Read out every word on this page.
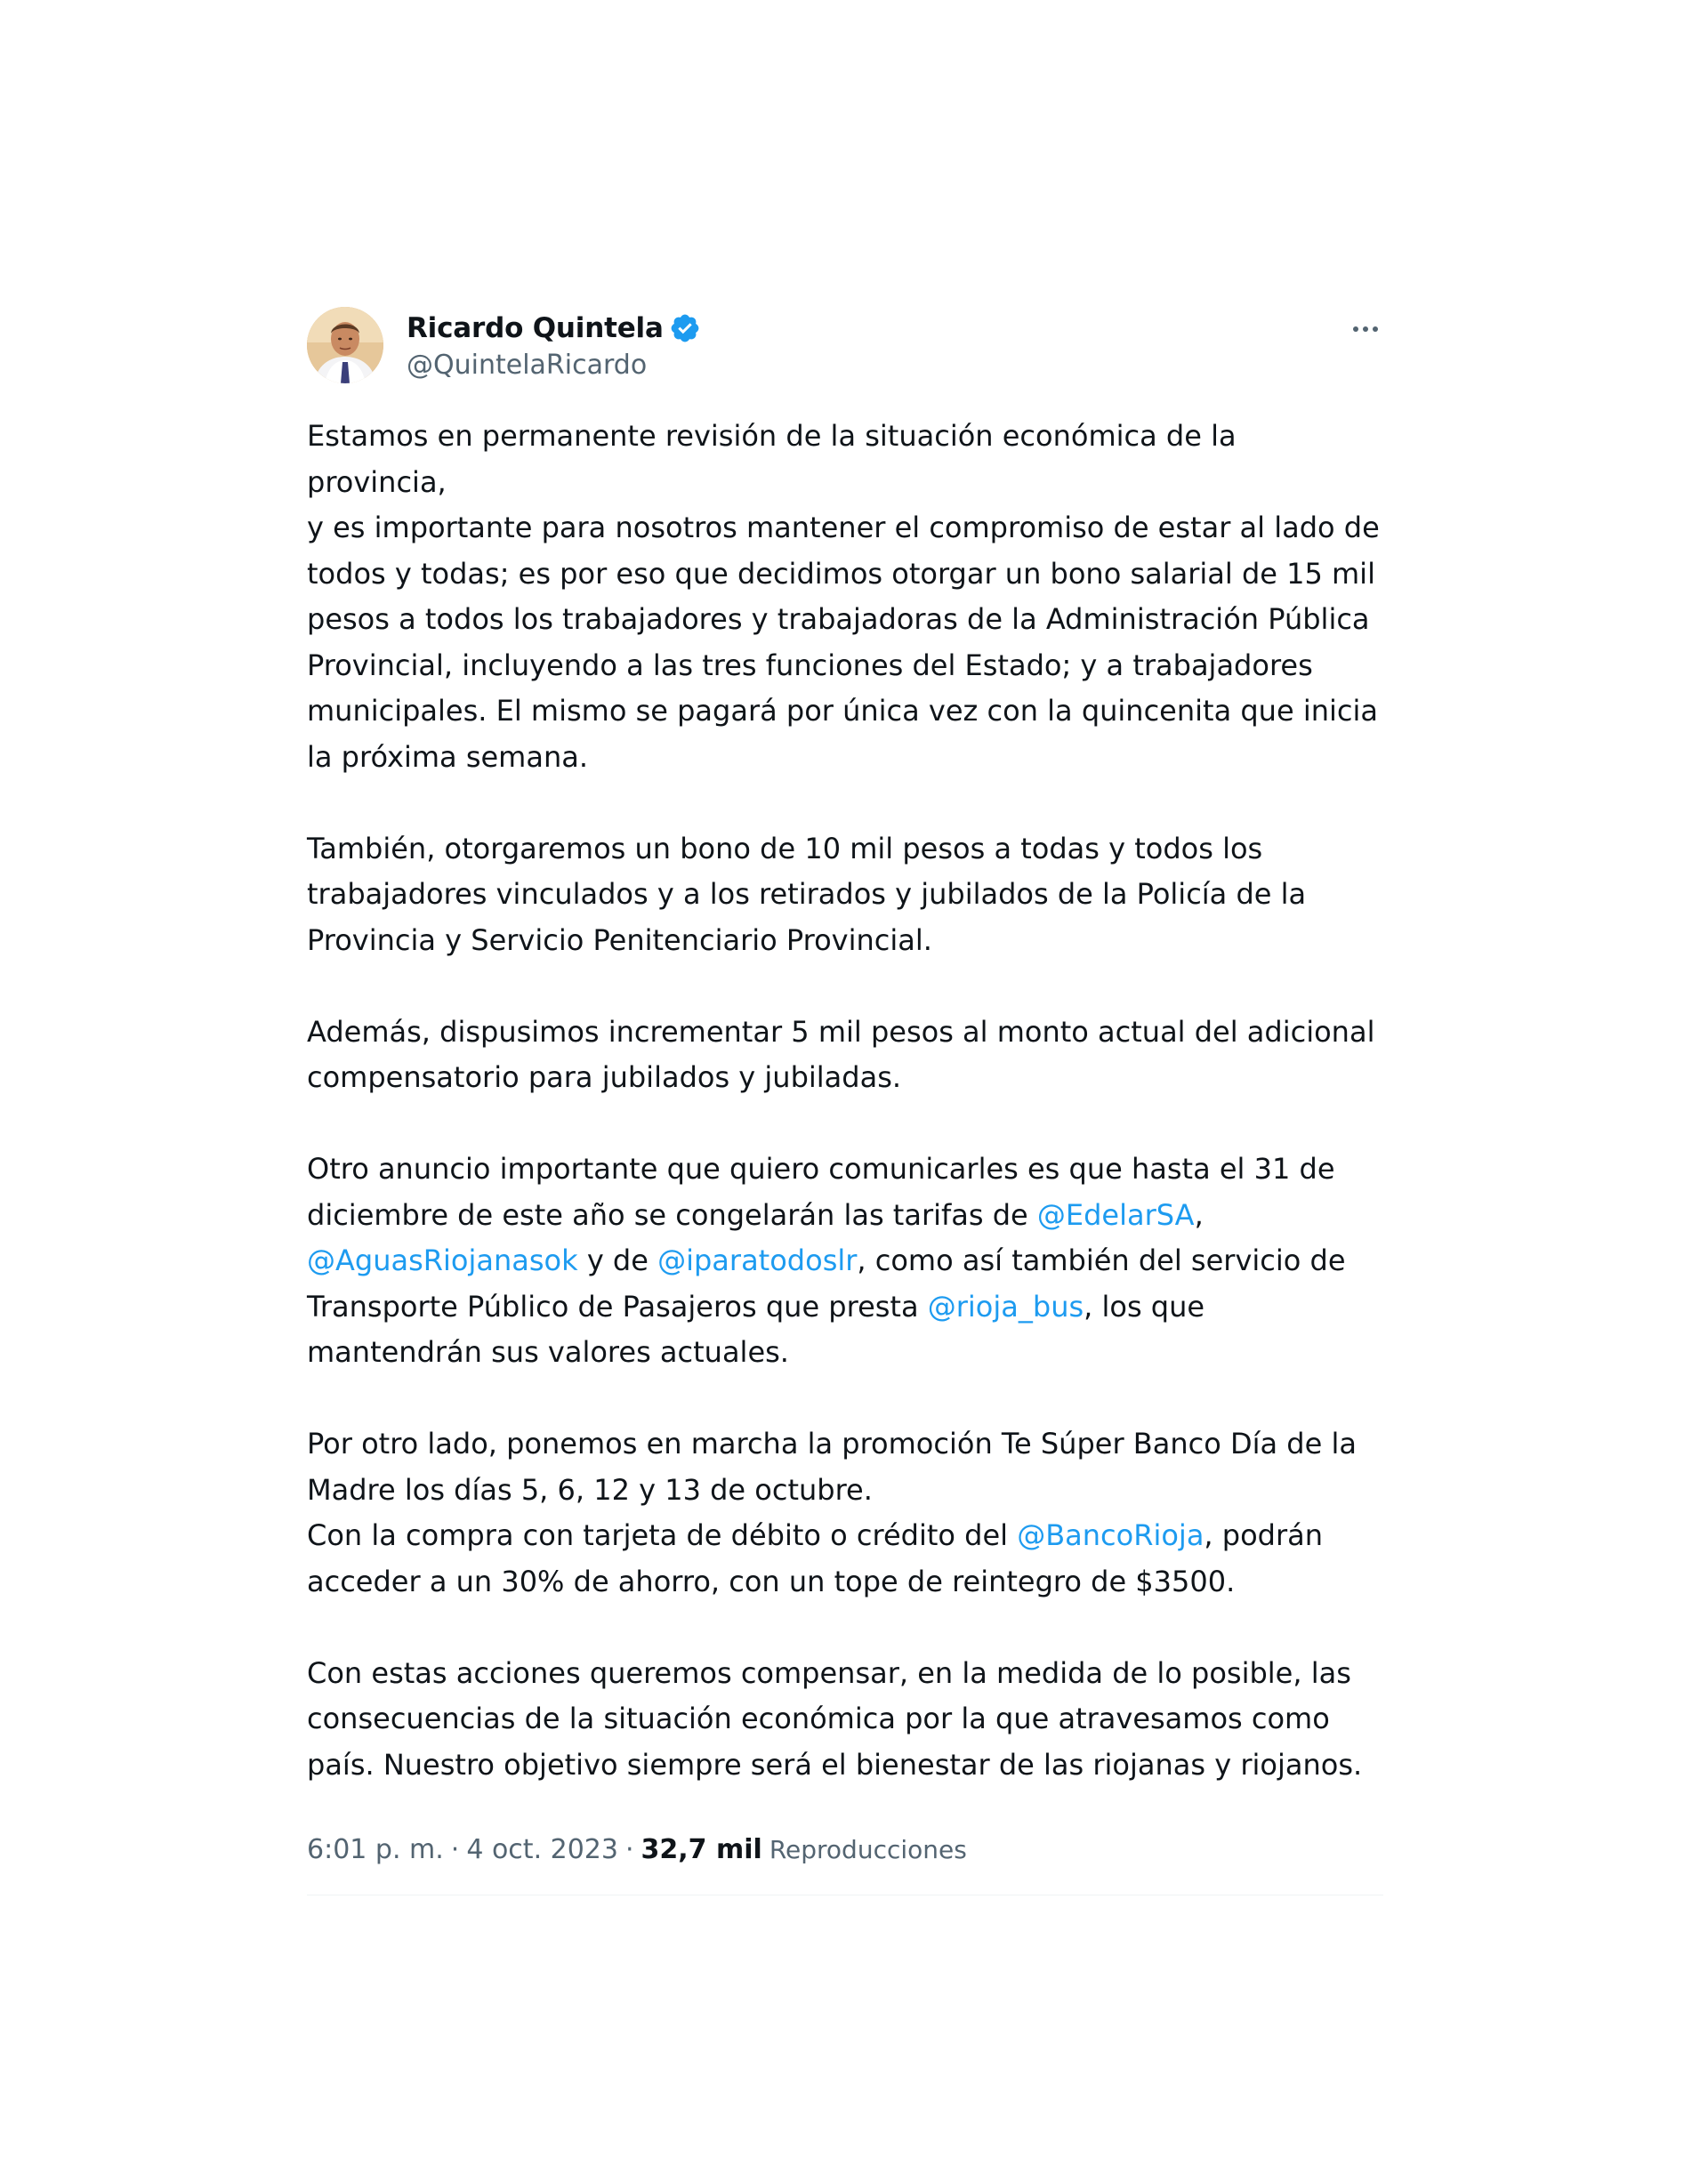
Ricardo Quintela
@QuintelaRicardo

Estamos en permanente revisión de la situación económica de la provincia,
y es importante para nosotros mantener el compromiso de estar al lado de
todos y todas; es por eso que decidimos otorgar un bono salarial de 15 mil
pesos a todos los trabajadores y trabajadoras de la Administración Pública
Provincial, incluyendo a las tres funciones del Estado; y a trabajadores
municipales. El mismo se pagará por única vez con la quincenita que inicia
la próxima semana.

También, otorgaremos un bono de 10 mil pesos a todas y todos los
trabajadores vinculados y a los retirados y jubilados de la Policía de la
Provincia y Servicio Penitenciario Provincial.

Además, dispusimos incrementar 5 mil pesos al monto actual del adicional
compensatorio para jubilados y jubiladas.

Otro anuncio importante que quiero comunicarles es que hasta el 31 de
diciembre de este año se congelarán las tarifas de @EdelarSA,
@AguasRiojanasok y de @iparatodoslr, como así también del servicio de
Transporte Público de Pasajeros que presta @rioja_bus, los que
mantendrán sus valores actuales.

Por otro lado, ponemos en marcha la promoción Te Súper Banco Día de la
Madre los días 5, 6, 12 y 13 de octubre.

Con la compra con tarjeta de débito o crédito del @BancoRioja, podrán
acceder a un 30% de ahorro, con un tope de reintegro de $3500.

Con estas acciones queremos compensar, en la medida de lo posible, las
consecuencias de la situación económica por la que atravesamos como
país. Nuestro objetivo siempre será el bienestar de las riojanas y riojanos.

6:01 p. m. · 4 oct. 2023 · 32,7 mil Reproducciones
